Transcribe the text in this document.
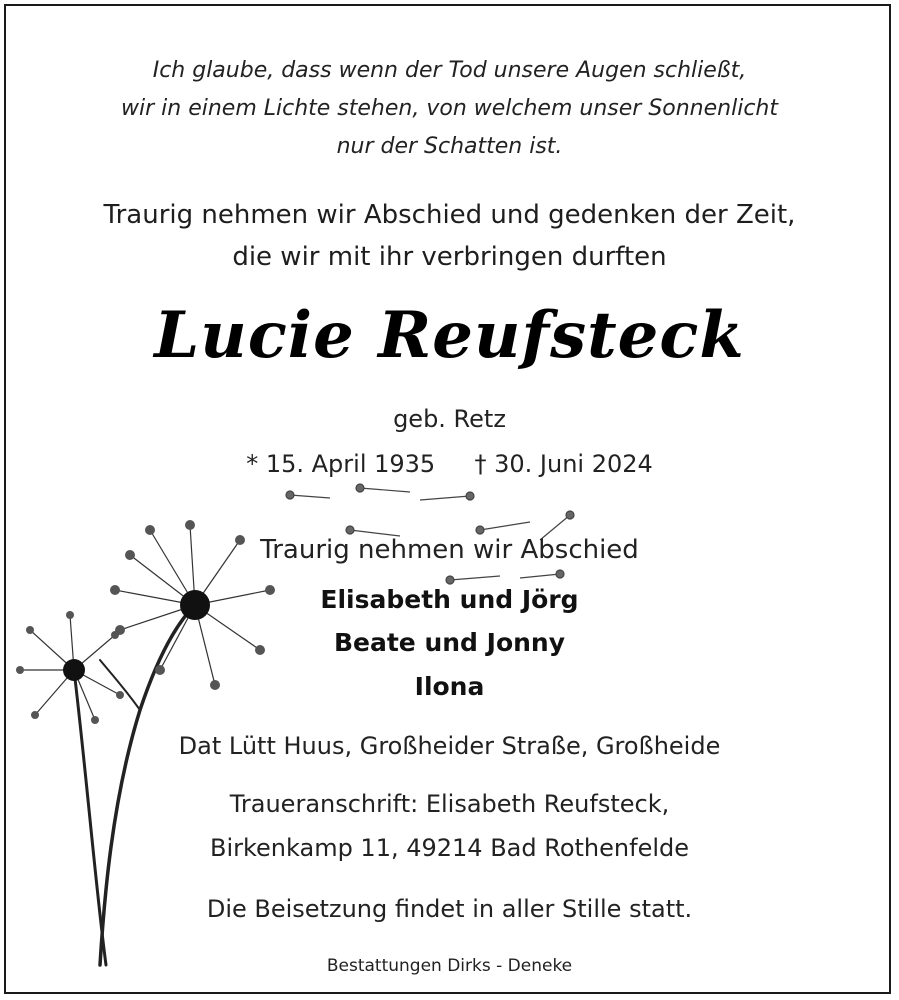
Ich glaube, dass wenn der Tod unsere Augen schließt,
wir in einem Lichte stehen, von welchem unser Sonnenlicht
nur der Schatten ist.
Traurig nehmen wir Abschied und gedenken der Zeit,
die wir mit ihr verbringen durften
Lucie Reufsteck
geb. Retz
* 15. April 1935 † 30. Juni 2024
Traurig nehmen wir Abschied
Elisabeth und Jörg
Beate und Jonny
Ilona
Dat Lütt Huus, Großheider Straße, Großheide
Traueranschrift: Elisabeth Reufsteck,
Birkenkamp 11, 49214 Bad Rothenfelde
Die Beisetzung findet in aller Stille statt.
Bestattungen Dirks - Deneke
